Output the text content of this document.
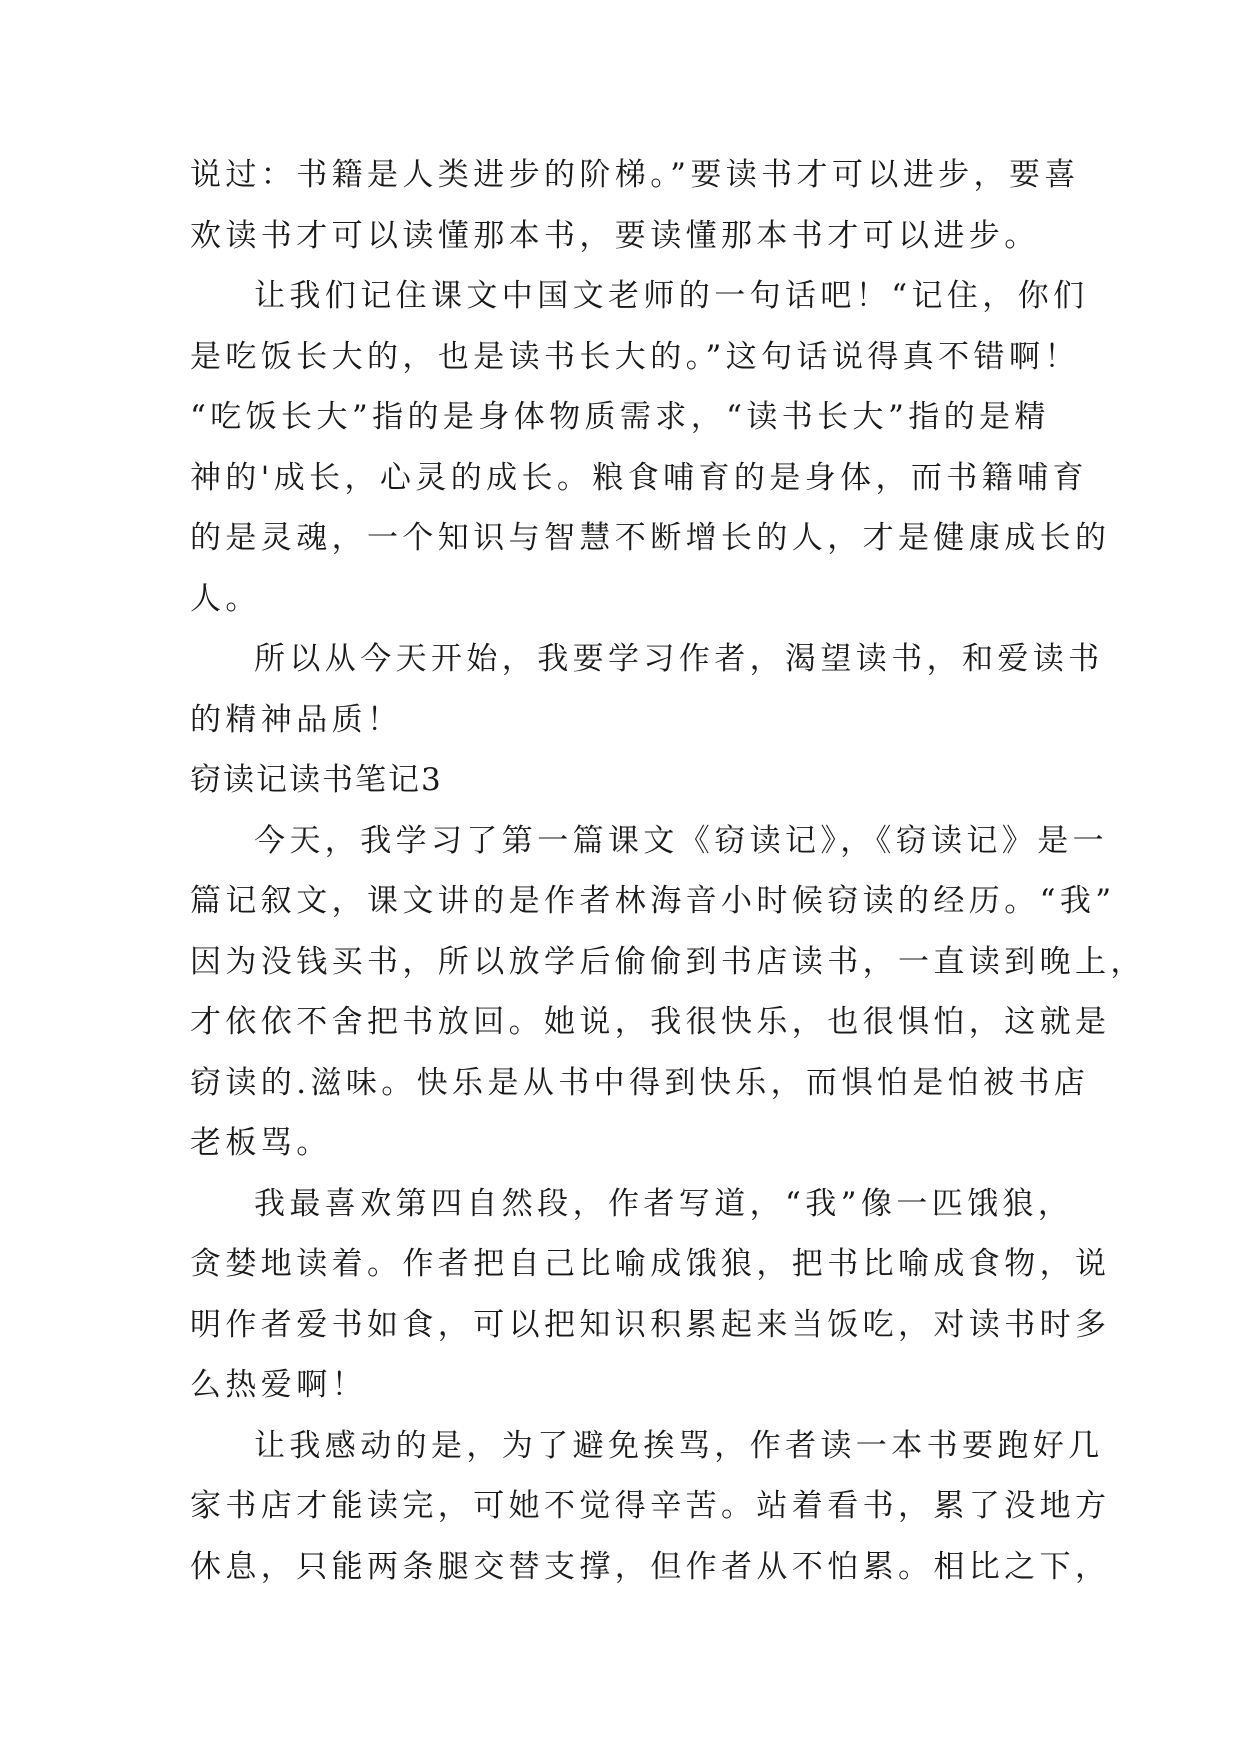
说过：书籍是人类进步的阶梯。”要读书才可以进步，要喜
欢读书才可以读懂那本书，要读懂那本书才可以进步。
让我们记住课文中国文老师的一句话吧！“记住，你们
是吃饭长大的，也是读书长大的。”这句话说得真不错啊！
“吃饭长大”指的是身体物质需求，“读书长大”指的是精
神的'成长，心灵的成长。粮食哺育的是身体，而书籍哺育
的是灵魂，一个知识与智慧不断增长的人，才是健康成长的
人。
所以从今天开始，我要学习作者，渴望读书，和爱读书
的精神品质！
窃读记读书笔记3
今天，我学习了第一篇课文《窃读记》，《窃读记》是一
篇记叙文，课文讲的是作者林海音小时候窃读的经历。“我”
因为没钱买书，所以放学后偷偷到书店读书，一直读到晚上，
才依依不舍把书放回。她说，我很快乐，也很惧怕，这就是
窃读的.滋味。快乐是从书中得到快乐，而惧怕是怕被书店
老板骂。
我最喜欢第四自然段，作者写道，“我”像一匹饿狼，
贪婪地读着。作者把自己比喻成饿狼，把书比喻成食物，说
明作者爱书如食，可以把知识积累起来当饭吃，对读书时多
么热爱啊！
让我感动的是，为了避免挨骂，作者读一本书要跑好几
家书店才能读完，可她不觉得辛苦。站着看书，累了没地方
休息，只能两条腿交替支撑，但作者从不怕累。相比之下，
